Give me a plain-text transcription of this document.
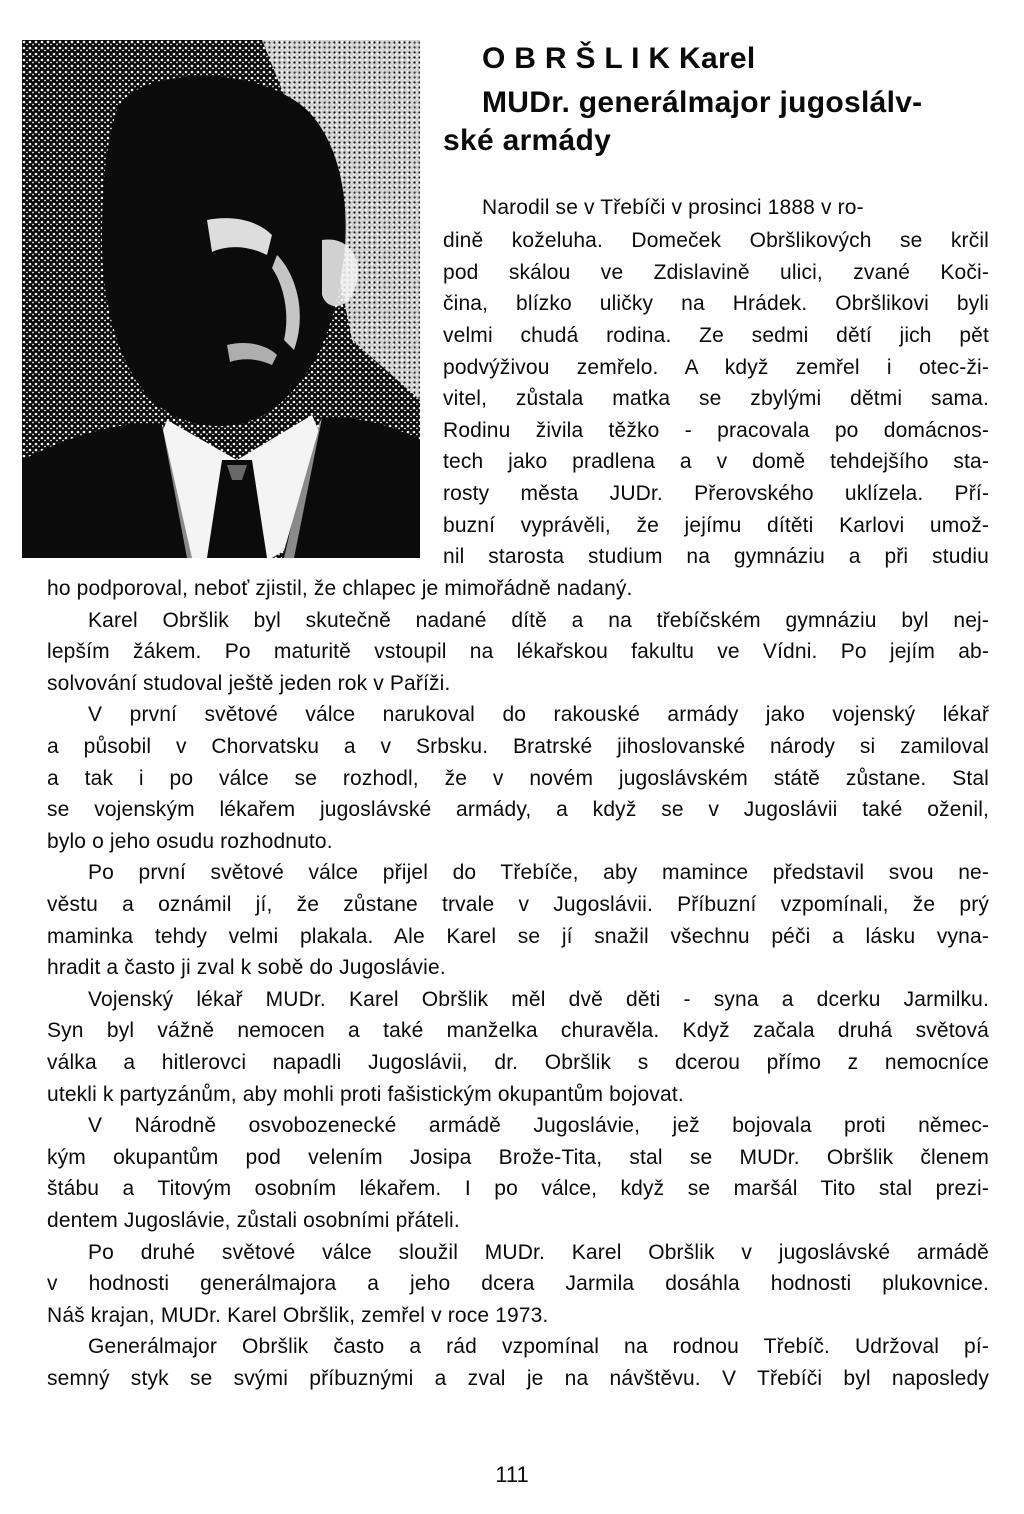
O B R Š L I K Karel
MUDr. generálmajor jugoslálv-
ské armády
Narodil se v Třebíči v prosinci 1888 v ro-
dině koželuha. Domeček Obršlikových se krčil
pod skálou ve Zdislavině ulici, zvané Koči-
čina, blízko uličky na Hrádek. Obršlikovi byli
velmi chudá rodina. Ze sedmi dětí jich pět
podvýživou zemřelo. A když zemřel i otec-ži-
vitel, zůstala matka se zbylými dětmi sama.
Rodinu živila těžko - pracovala po domácnos-
tech jako pradlena a v domě tehdejšího sta-
rosty města JUDr. Přerovského uklízela. Pří-
buzní vyprávěli, že jejímu dítěti Karlovi umož-
nil starosta studium na gymnáziu a při studiu
ho podporoval, neboť zjistil, že chlapec je mimořádně nadaný.
Karel Obršlik byl skutečně nadané dítě a na třebíčském gymnáziu byl nej-
lepším žákem. Po maturitě vstoupil na lékařskou fakultu ve Vídni. Po jejím ab-
solvování studoval ještě jeden rok v Paříži.
V první světové válce narukoval do rakouské armády jako vojenský lékař
a působil v Chorvatsku a v Srbsku. Bratrské jihoslovanské národy si zamiloval
a tak i po válce se rozhodl, že v novém jugoslávském státě zůstane. Stal
se vojenským lékařem jugoslávské armády, a když se v Jugoslávii také oženil,
bylo o jeho osudu rozhodnuto.
Po první světové válce přijel do Třebíče, aby mamince představil svou ne-
věstu a oznámil jí, že zůstane trvale v Jugoslávii. Příbuzní vzpomínali, že prý
maminka tehdy velmi plakala. Ale Karel se jí snažil všechnu péči a lásku vyna-
hradit a často ji zval k sobě do Jugoslávie.
Vojenský lékař MUDr. Karel Obršlik měl dvě děti - syna a dcerku Jarmilku.
Syn byl vážně nemocen a také manželka churavěla. Když začala druhá světová
válka a hitlerovci napadli Jugoslávii, dr. Obršlik s dcerou přímo z nemocníce
utekli k partyzánům, aby mohli proti fašistickým okupantům bojovat.
V Národně osvobozenecké armádě Jugoslávie, jež bojovala proti němec-
kým okupantům pod velením Josipa Brože-Tita, stal se MUDr. Obršlik členem
štábu a Titovým osobním lékařem. I po válce, když se maršál Tito stal prezi-
dentem Jugoslávie, zůstali osobními přáteli.
Po druhé světové válce sloužil MUDr. Karel Obršlik v jugoslávské armádě
v hodnosti generálmajora a jeho dcera Jarmila dosáhla hodnosti plukovnice.
Náš krajan, MUDr. Karel Obršlik, zemřel v roce 1973.
Generálmajor Obršlik často a rád vzpomínal na rodnou Třebíč. Udržoval pí-
semný styk se svými příbuznými a zval je na návštěvu. V Třebíči byl naposledy
111
